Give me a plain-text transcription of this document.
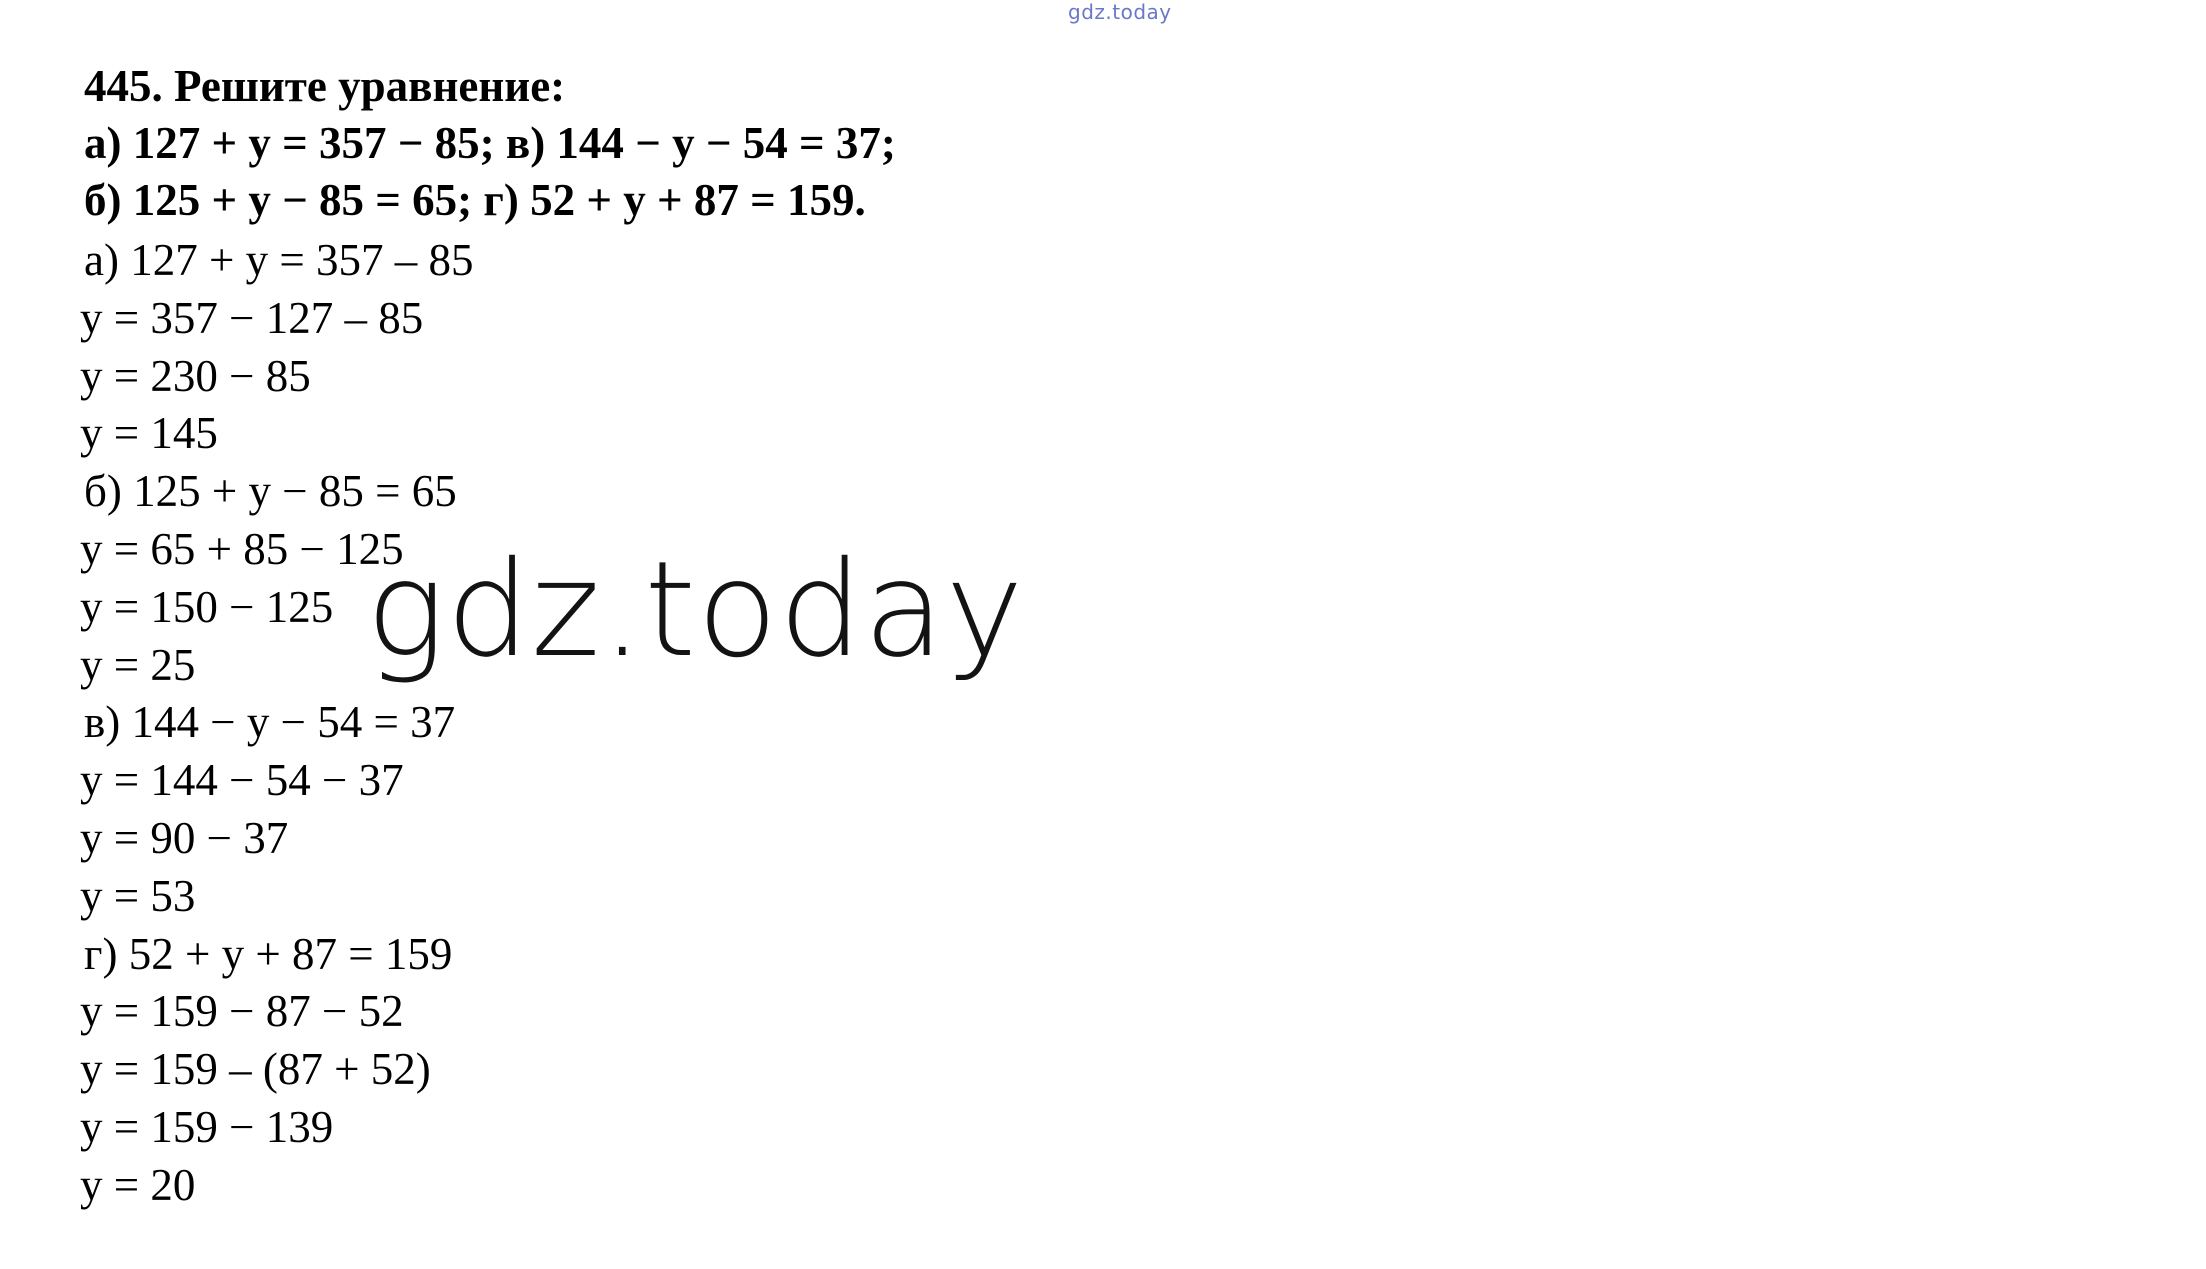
gdz.today
445. Решите уравнение:
а) 127 + y = 357 − 85; в) 144 − y − 54 = 37;
б) 125 + y − 85 = 65; г) 52 + y + 87 = 159.
а) 127 + y = 357 – 85
y = 357 − 127 – 85
y = 230 − 85
y = 145
б) 125 + y − 85 = 65
y = 65 + 85 − 125
y = 150 − 125
y = 25
в) 144 − y − 54 = 37
y = 144 − 54 − 37
y = 90 − 37
y = 53
г) 52 + y + 87 = 159
y = 159 − 87 − 52
y = 159 – (87 + 52)
y = 159 − 139
y = 20
gdz.today
